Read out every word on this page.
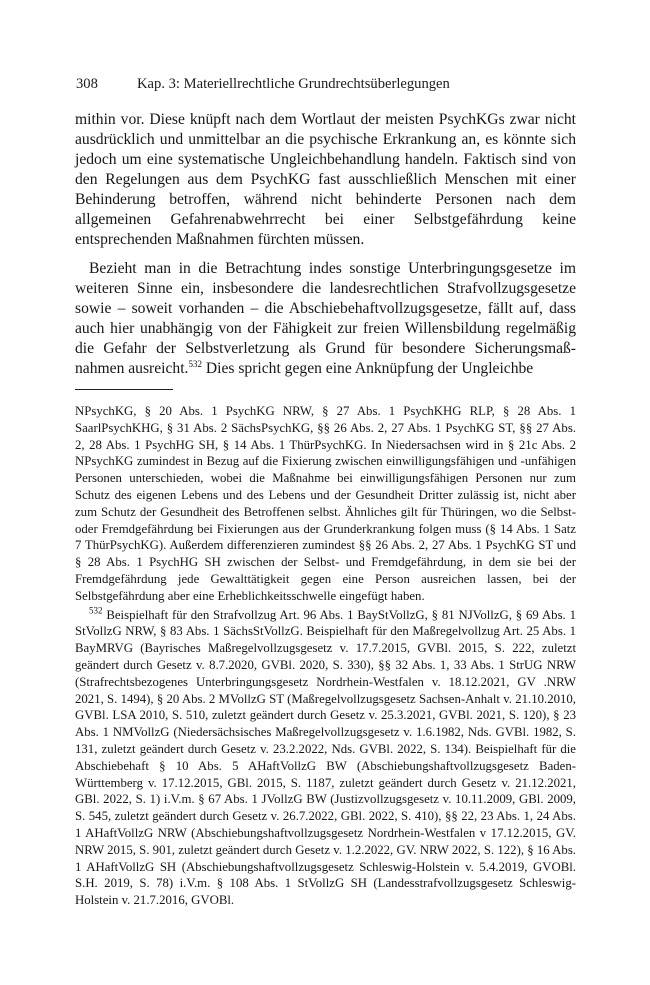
308	Kap. 3: Materiellrechtliche Grundrechtsüberlegungen

mithin vor. Diese knüpft nach dem Wortlaut der meisten PsychKGs zwar nicht ausdrücklich und unmittelbar an die psychische Erkrankung an, es könnte sich jedoch um eine systematische Ungleichbehandlung handeln. Faktisch sind von den Regelungen aus dem PsychKG fast ausschließlich Menschen mit einer Behinderung betroffen, während nicht behinderte Personen nach dem allgemeinen Gefahrenabwehrrecht bei einer Selbstgefährdung keine entsprechenden Maßnahmen fürchten müssen.

Bezieht man in die Betrachtung indes sonstige Unterbringungsgesetze im weiteren Sinne ein, insbesondere die landesrechtlichen Strafvollzugsgesetze sowie – soweit vorhanden – die Abschiebehaftvollzugsgesetze, fällt auf, dass auch hier unabhängig von der Fähigkeit zur freien Willensbildung regelmäßig die Gefahr der Selbstverletzung als Grund für besondere Sicherungsmaßnahmen ausreicht.$^{532}$ Dies spricht gegen eine Anknüpfung der Ungleichbe

NPsychKG, § 20 Abs. 1 PsychKG NRW, § 27 Abs. 1 PsychKHG RLP, § 28 Abs. 1 SaarlPsychKHG, § 31 Abs. 2 SächsPsychKG, §§ 26 Abs. 2, 27 Abs. 1 PsychKG ST, §§ 27 Abs. 2, 28 Abs. 1 PsychHG SH, § 14 Abs. 1 ThürPsychKG. In Niedersachsen wird in § 21c Abs. 2 NPsychKG zumindest in Bezug auf die Fixierung zwischen einwilligungsfähigen und -unfähigen Personen unterschieden, wobei die Maßnahme bei einwilligungsfähigen Personen nur zum Schutz des eigenen Lebens und des Lebens und der Gesundheit Dritter zulässig ist, nicht aber zum Schutz der Gesundheit des Betroffenen selbst. Ähnliches gilt für Thüringen, wo die Selbst- oder Fremdgefährdung bei Fixierungen aus der Grunderkrankung folgen muss (§ 14 Abs. 1 Satz 7 ThürPsychKG). Außerdem differenzieren zumindest §§ 26 Abs. 2, 27 Abs. 1 PsychKG ST und § 28 Abs. 1 PsychHG SH zwischen der Selbst- und Fremdgefährdung, in dem sie bei der Fremdgefährdung jede Gewalttätigkeit gegen eine Person ausreichen lassen, bei der Selbstgefährdung aber eine Erheblichkeitsschwelle eingefügt haben.

$^{532}$ Beispielhaft für den Strafvollzug Art. 96 Abs. 1 BayStVollzG, § 81 NJVollzG, § 69 Abs. 1 StVollzG NRW, § 83 Abs. 1 SächsStVollzG. Beispielhaft für den Maßregelvollzug Art. 25 Abs. 1 BayMRVG (Bayrisches Maßregelvollzugsgesetz v. 17.7.2015, GVBl. 2015, S. 222, zuletzt geändert durch Gesetz v. 8.7.2020, GVBl. 2020, S. 330), §§ 32 Abs. 1, 33 Abs. 1 StrUG NRW (Strafrechtsbezogenes Unterbringungsgesetz Nordrhein-Westfalen v. 18.12.2021, GV .NRW 2021, S. 1494), § 20 Abs. 2 MVollzG ST (Maßregelvollzugsgesetz Sachsen-Anhalt v. 21.10.2010, GVBl. LSA 2010, S. 510, zuletzt geändert durch Gesetz v. 25.3.2021, GVBl. 2021, S. 120), § 23 Abs. 1 NMVollzG (Niedersächsisches Maßregelvollzugsgesetz v. 1.6.1982, Nds. GVBl. 1982, S. 131, zuletzt geändert durch Gesetz v. 23.2.2022, Nds. GVBl. 2022, S. 134). Beispielhaft für die Abschiebehaft § 10 Abs. 5 AHaftVollzG BW (Abschiebungshaftvollzugsgesetz Baden-Württemberg v. 17.12.2015, GBl. 2015, S. 1187, zuletzt geändert durch Gesetz v. 21.12.2021, GBl. 2022, S. 1) i.V.m. § 67 Abs. 1 JVollzG BW (Justizvollzugsgesetz v. 10.11.2009, GBl. 2009, S. 545, zuletzt geändert durch Gesetz v. 26.7.2022, GBl. 2022, S. 410), §§ 22, 23 Abs. 1, 24 Abs. 1 AHaftVollzG NRW (Abschiebungshaftvollzugsgesetz Nordrhein-Westfalen v 17.12.2015, GV. NRW 2015, S. 901, zuletzt geändert durch Gesetz v. 1.2.2022, GV. NRW 2022, S. 122), § 16 Abs. 1 AHaftVollzG SH (Abschiebungshaftvollzugsgesetz Schleswig-Holstein v. 5.4.2019, GVOBl. S.H. 2019, S. 78) i.V.m. § 108 Abs. 1 StVollzG SH (Landesstrafvollzugsgesetz Schleswig-Holstein v. 21.7.2016, GVOBl.
